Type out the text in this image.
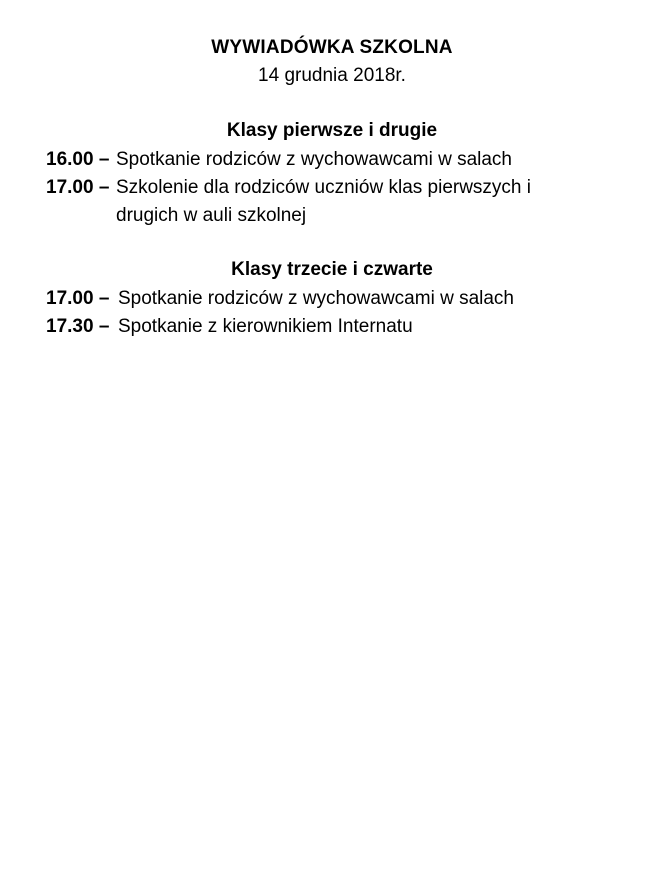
WYWIADÓWKA SZKOLNA
14 grudnia 2018r.
Klasy pierwsze i drugie
16.00 – Spotkanie rodziców z wychowawcami w salach
17.00 – Szkolenie dla rodziców uczniów klas pierwszych i drugich w auli szkolnej
Klasy trzecie i czwarte
17.00 – Spotkanie rodziców z wychowawcami w salach
17.30 – Spotkanie z kierownikiem Internatu
